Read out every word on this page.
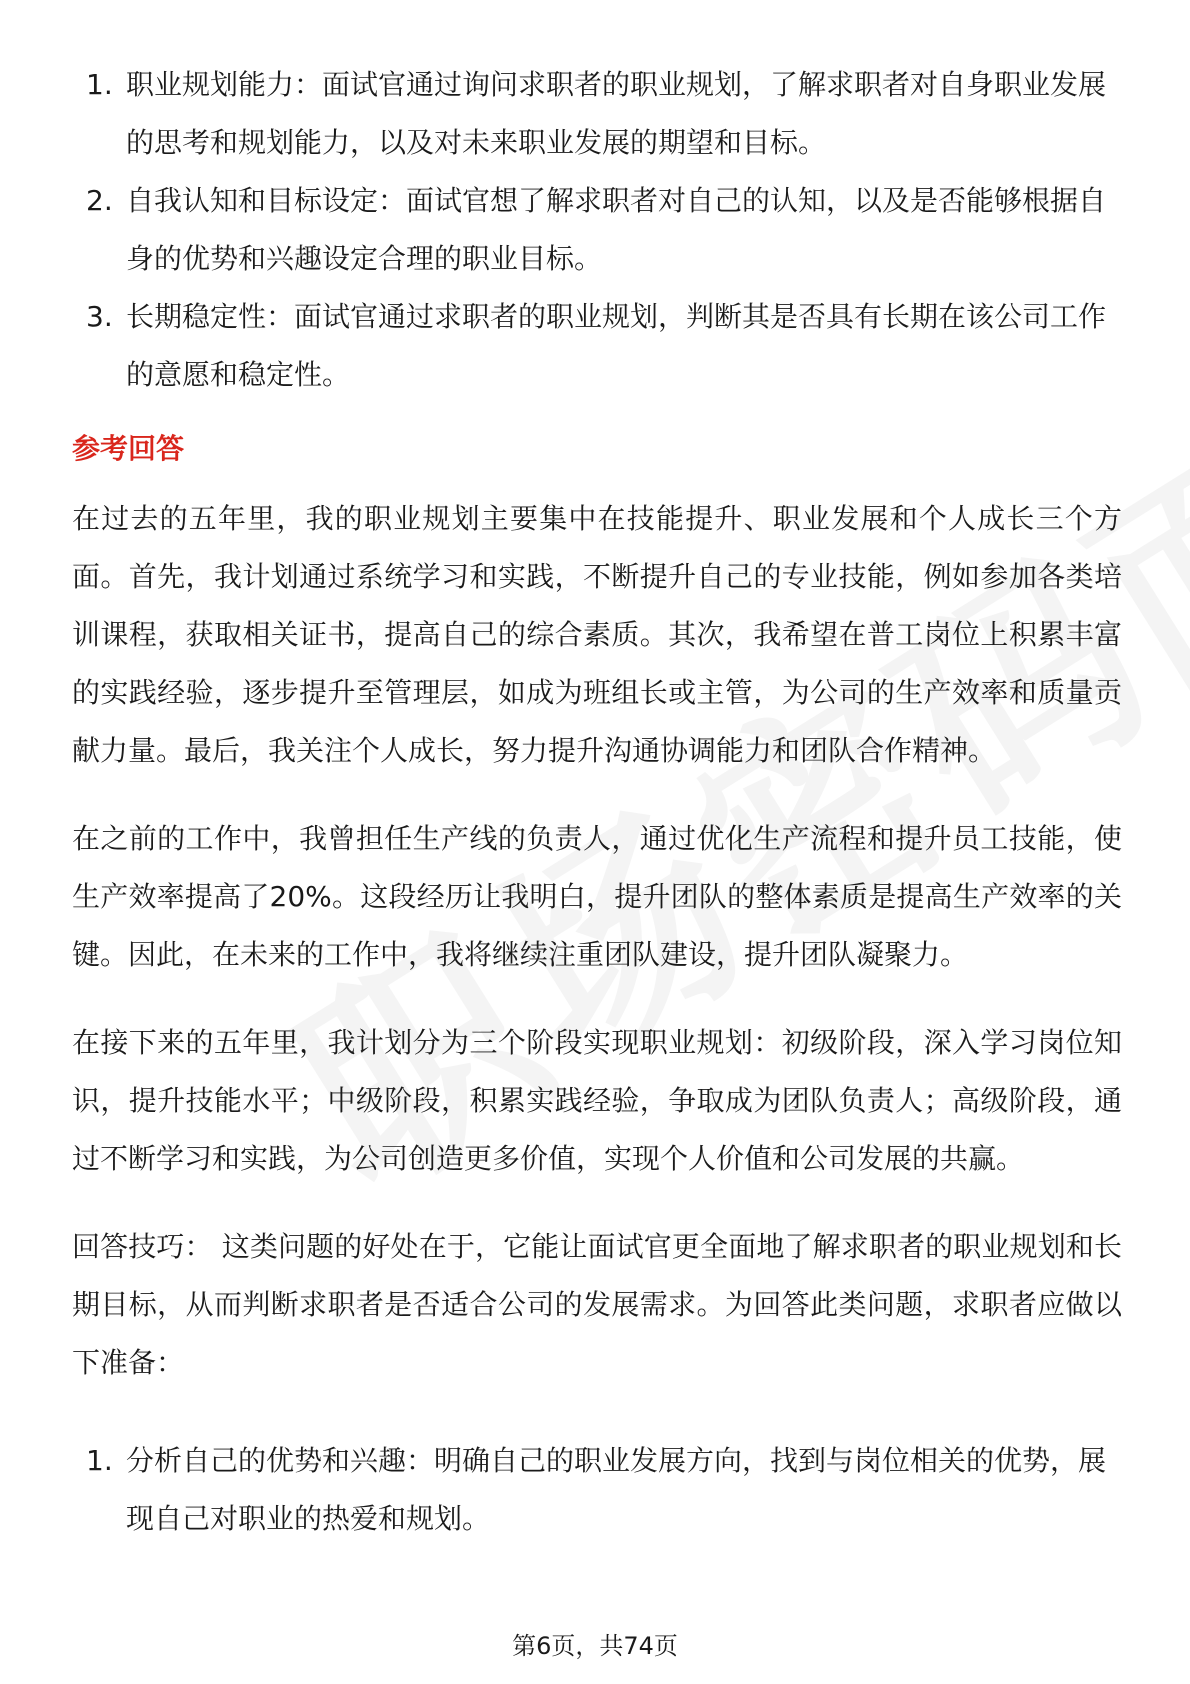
1. 职业规划能力：面试官通过询问求职者的职业规划，了解求职者对自身职业发展的思考和规划能力，以及对未来职业发展的期望和目标。
2. 自我认知和目标设定：面试官想了解求职者对自己的认知，以及是否能够根据自身的优势和兴趣设定合理的职业目标。
3. 长期稳定性：面试官通过求职者的职业规划，判断其是否具有长期在该公司工作的意愿和稳定性。
参考回答

在过去的五年里，我的职业规划主要集中在技能提升、职业发展和个人成长三个方面。首先，我计划通过系统学习和实践，不断提升自己的专业技能，例如参加各类培训课程，获取相关证书，提高自己的综合素质。其次，我希望在普工岗位上积累丰富的实践经验，逐步提升至管理层，如成为班组长或主管，为公司的生产效率和质量贡献力量。最后，我关注个人成长，努力提升沟通协调能力和团队合作精神。

在之前的工作中，我曾担任生产线的负责人，通过优化生产流程和提升员工技能，使生产效率提高了20%。这段经历让我明白，提升团队的整体素质是提高生产效率的关键。因此，在未来的工作中，我将继续注重团队建设，提升团队凝聚力。

在接下来的五年里，我计划分为三个阶段实现职业规划：初级阶段，深入学习岗位知识，提升技能水平；中级阶段，积累实践经验，争取成为团队负责人；高级阶段，通过不断学习和实践，为公司创造更多价值，实现个人价值和公司发展的共赢。

回答技巧： 这类问题的好处在于，它能让面试官更全面地了解求职者的职业规划和长期目标，从而判断求职者是否适合公司的发展需求。为回答此类问题，求职者应做以下准备：

1. 分析自己的优势和兴趣：明确自己的职业发展方向，找到与岗位相关的优势，展现自己对职业的热爱和规划。
第6页，共74页
